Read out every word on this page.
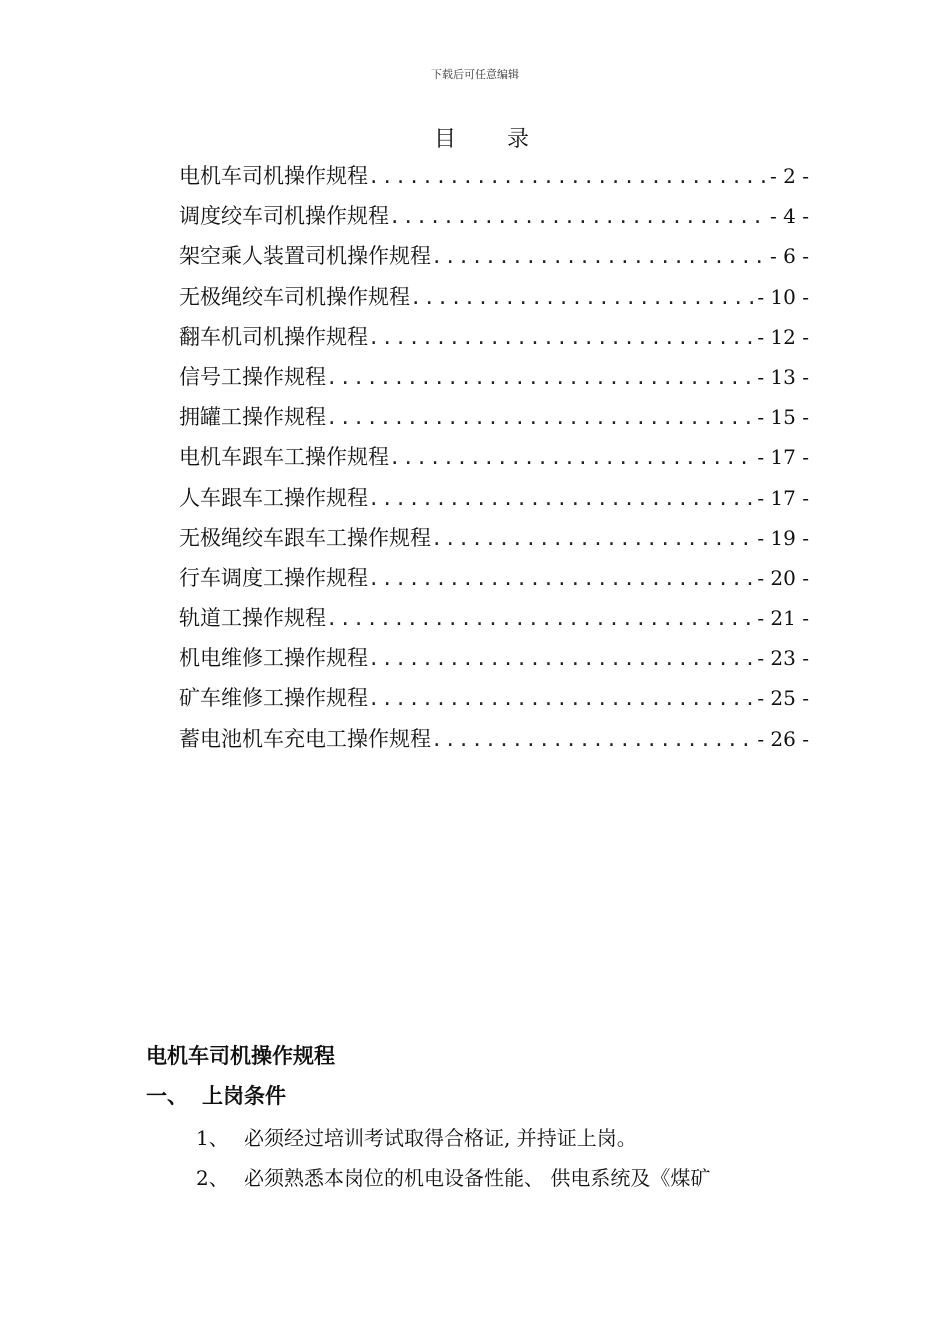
下载后可任意编辑
目 录
电机车司机操作规程 .....	- 2 -
调度绞车司机操作规程 .....	- 4 -
架空乘人装置司机操作规程 .....	- 6 -
无极绳绞车司机操作规程 .....	- 10 -
翻车机司机操作规程 .....	- 12 -
信号工操作规程 .....	- 13 -
拥罐工操作规程 .....	- 15 -
电机车跟车工操作规程 .....	- 17 -
人车跟车工操作规程 .....	- 17 -
无极绳绞车跟车工操作规程 .....	- 19 -
行车调度工操作规程 .....	- 20 -
轨道工操作规程 .....	- 21 -
机电维修工操作规程 .....	- 23 -
矿车维修工操作规程 .....	- 25 -
蓄电池机车充电工操作规程 .....	- 26 -
电机车司机操作规程
一、 上岗条件
1、 必须经过培训考试取得合格证, 并持证上岗。
2、 必须熟悉本岗位的机电设备性能、 供电系统及《煤矿
